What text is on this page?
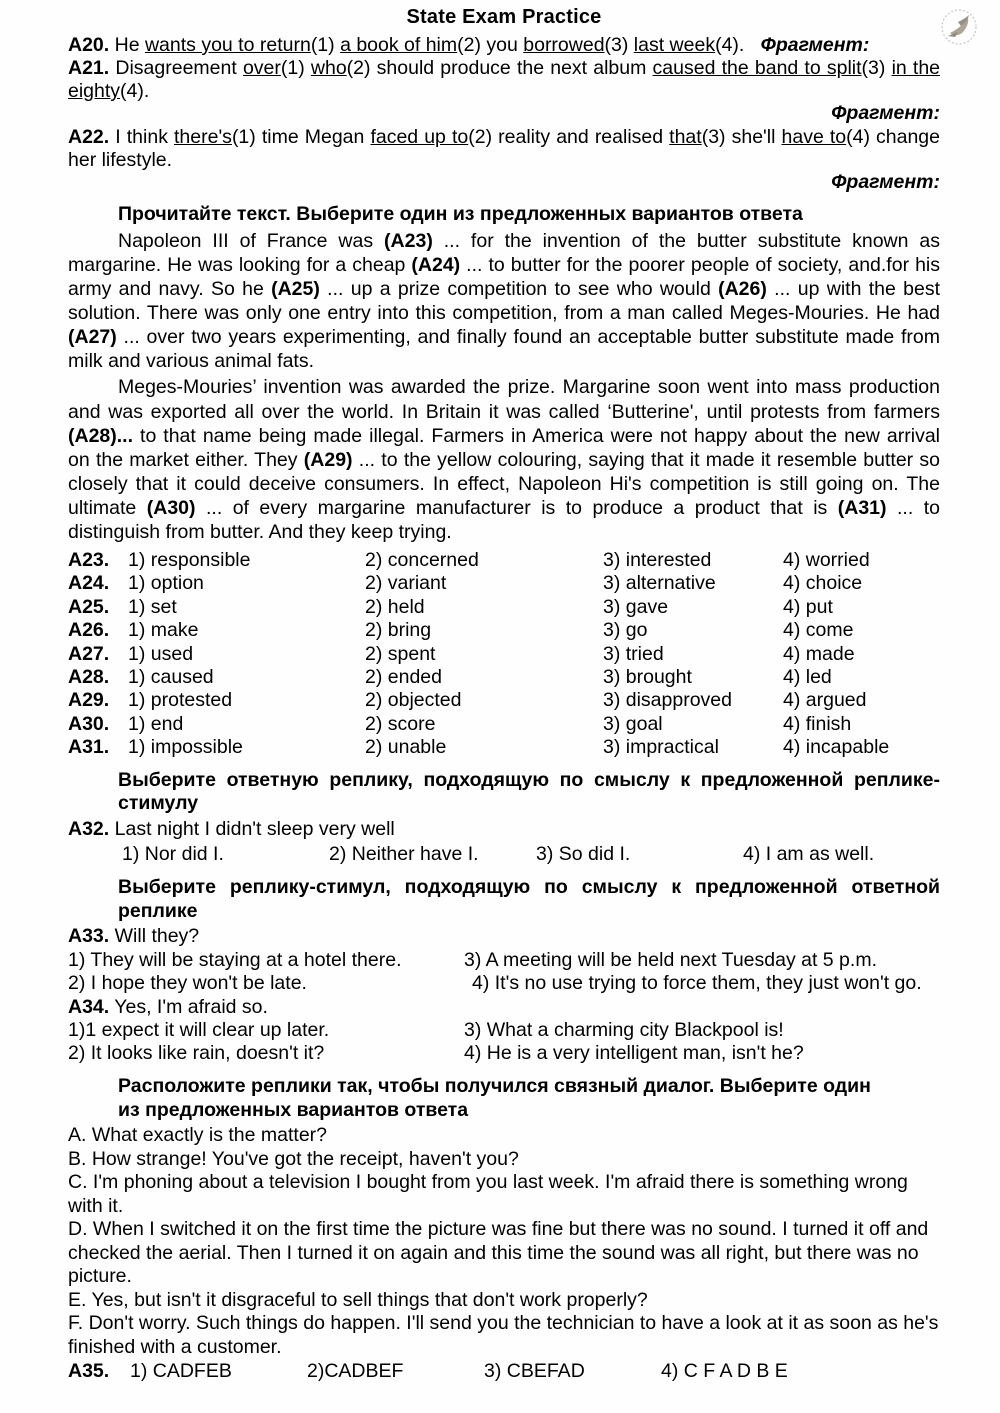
State Exam Practice
A20. He wants you to return(1) a book of him(2) you borrowed(3) last week(4).   Фрагмент:
A21. Disagreement over(1) who(2) should produce the next album caused the band to split(3) in the eighty(4).
Фрагмент:
A22. I think there's(1) time Megan faced up to(2) reality and realised that(3) she'll have to(4) change her lifestyle.
Фрагмент:
Прочитайте текст. Выберите один из предложенных вариантов ответа
Napoleon III of France was (A23) ... for the invention of the butter substitute known as margarine. He was looking for a cheap (A24) ... to butter for the poorer people of society, and.for his army and navy. So he (A25) ... up a prize competition to see who would (A26) ... up with the best solution. There was only one entry into this competition, from a man called Meges-Mouries. He had (A27) ... over two years experimenting, and finally found an acceptable butter substitute made from milk and various animal fats.
Meges-Mouries’ invention was awarded the prize. Margarine soon went into mass production and was exported all over the world. In Britain it was called ‘Butterine', until protests from farmers (A28)... to that name being made illegal. Farmers in America were not happy about the new arrival on the market either. They (A29) ... to the yellow colouring, saying that it made it resemble butter so closely that it could deceive consumers. In effect, Napoleon Hi's competition is still going on. The ultimate (A30) ... of every margarine manufacturer is to produce a product that is (A31) ... to distinguish from butter. And they keep trying.
A23. 1) responsible	2) concerned	3) interested	4) worried
A24. 1) option	2) variant	3) alternative	4) choice
A25. 1) set	2) held	3) gave	4) put
A26. 1) make	2) bring	3) go	4) come
A27. 1) used	2) spent	3) tried	4) made
A28. 1) caused	2) ended	3) brought	4) led
A29. 1) protested	2) objected	3) disapproved	4) argued
A30. 1) end	2) score	3) goal	4) finish
A31. 1) impossible	2) unable	3) impractical	4) incapable
Выберите ответную реплику, подходящую по смыслу к предложенной реплике-стимулу
A32. Last night I didn't sleep very well
1) Nor did I.	2) Neither have I.	3) So did I.	4) I am as well.
Выберите реплику-стимул, подходящую по смыслу к предложенной ответной реплике
A33. Will they?
1) They will be staying at a hotel there.	3) A meeting will be held next Tuesday at 5 p.m.
2) I hope they won't be late.	4) It's no use trying to force them, they just won't go.
A34. Yes, I'm afraid so.
1)1 expect it will clear up later.	3) What a charming city Blackpool is!
2) It looks like rain, doesn't it?	4) He is a very intelligent man, isn't he?
Расположите реплики так, чтобы получился связный диалог. Выберите один
из предложенных вариантов ответа
A. What exactly is the matter?
B. How strange! You've got the receipt, haven't you?
C. I'm phoning about a television I bought from you last week. I'm afraid there is something wrong with it.
D. When I switched it on the first time the picture was fine but there was no sound. I turned it off and checked the aerial. Then I turned it on again and this time the sound was all right, but there was no picture.
E. Yes, but isn't it disgraceful to sell things that don't work properly?
F. Don't worry. Such things do happen. I'll send you the technician to have a look at it as soon as he's finished with a customer.
A35.	1) CADFEB	2)CADBEF	3) CBEFAD	4) C F A D B E
